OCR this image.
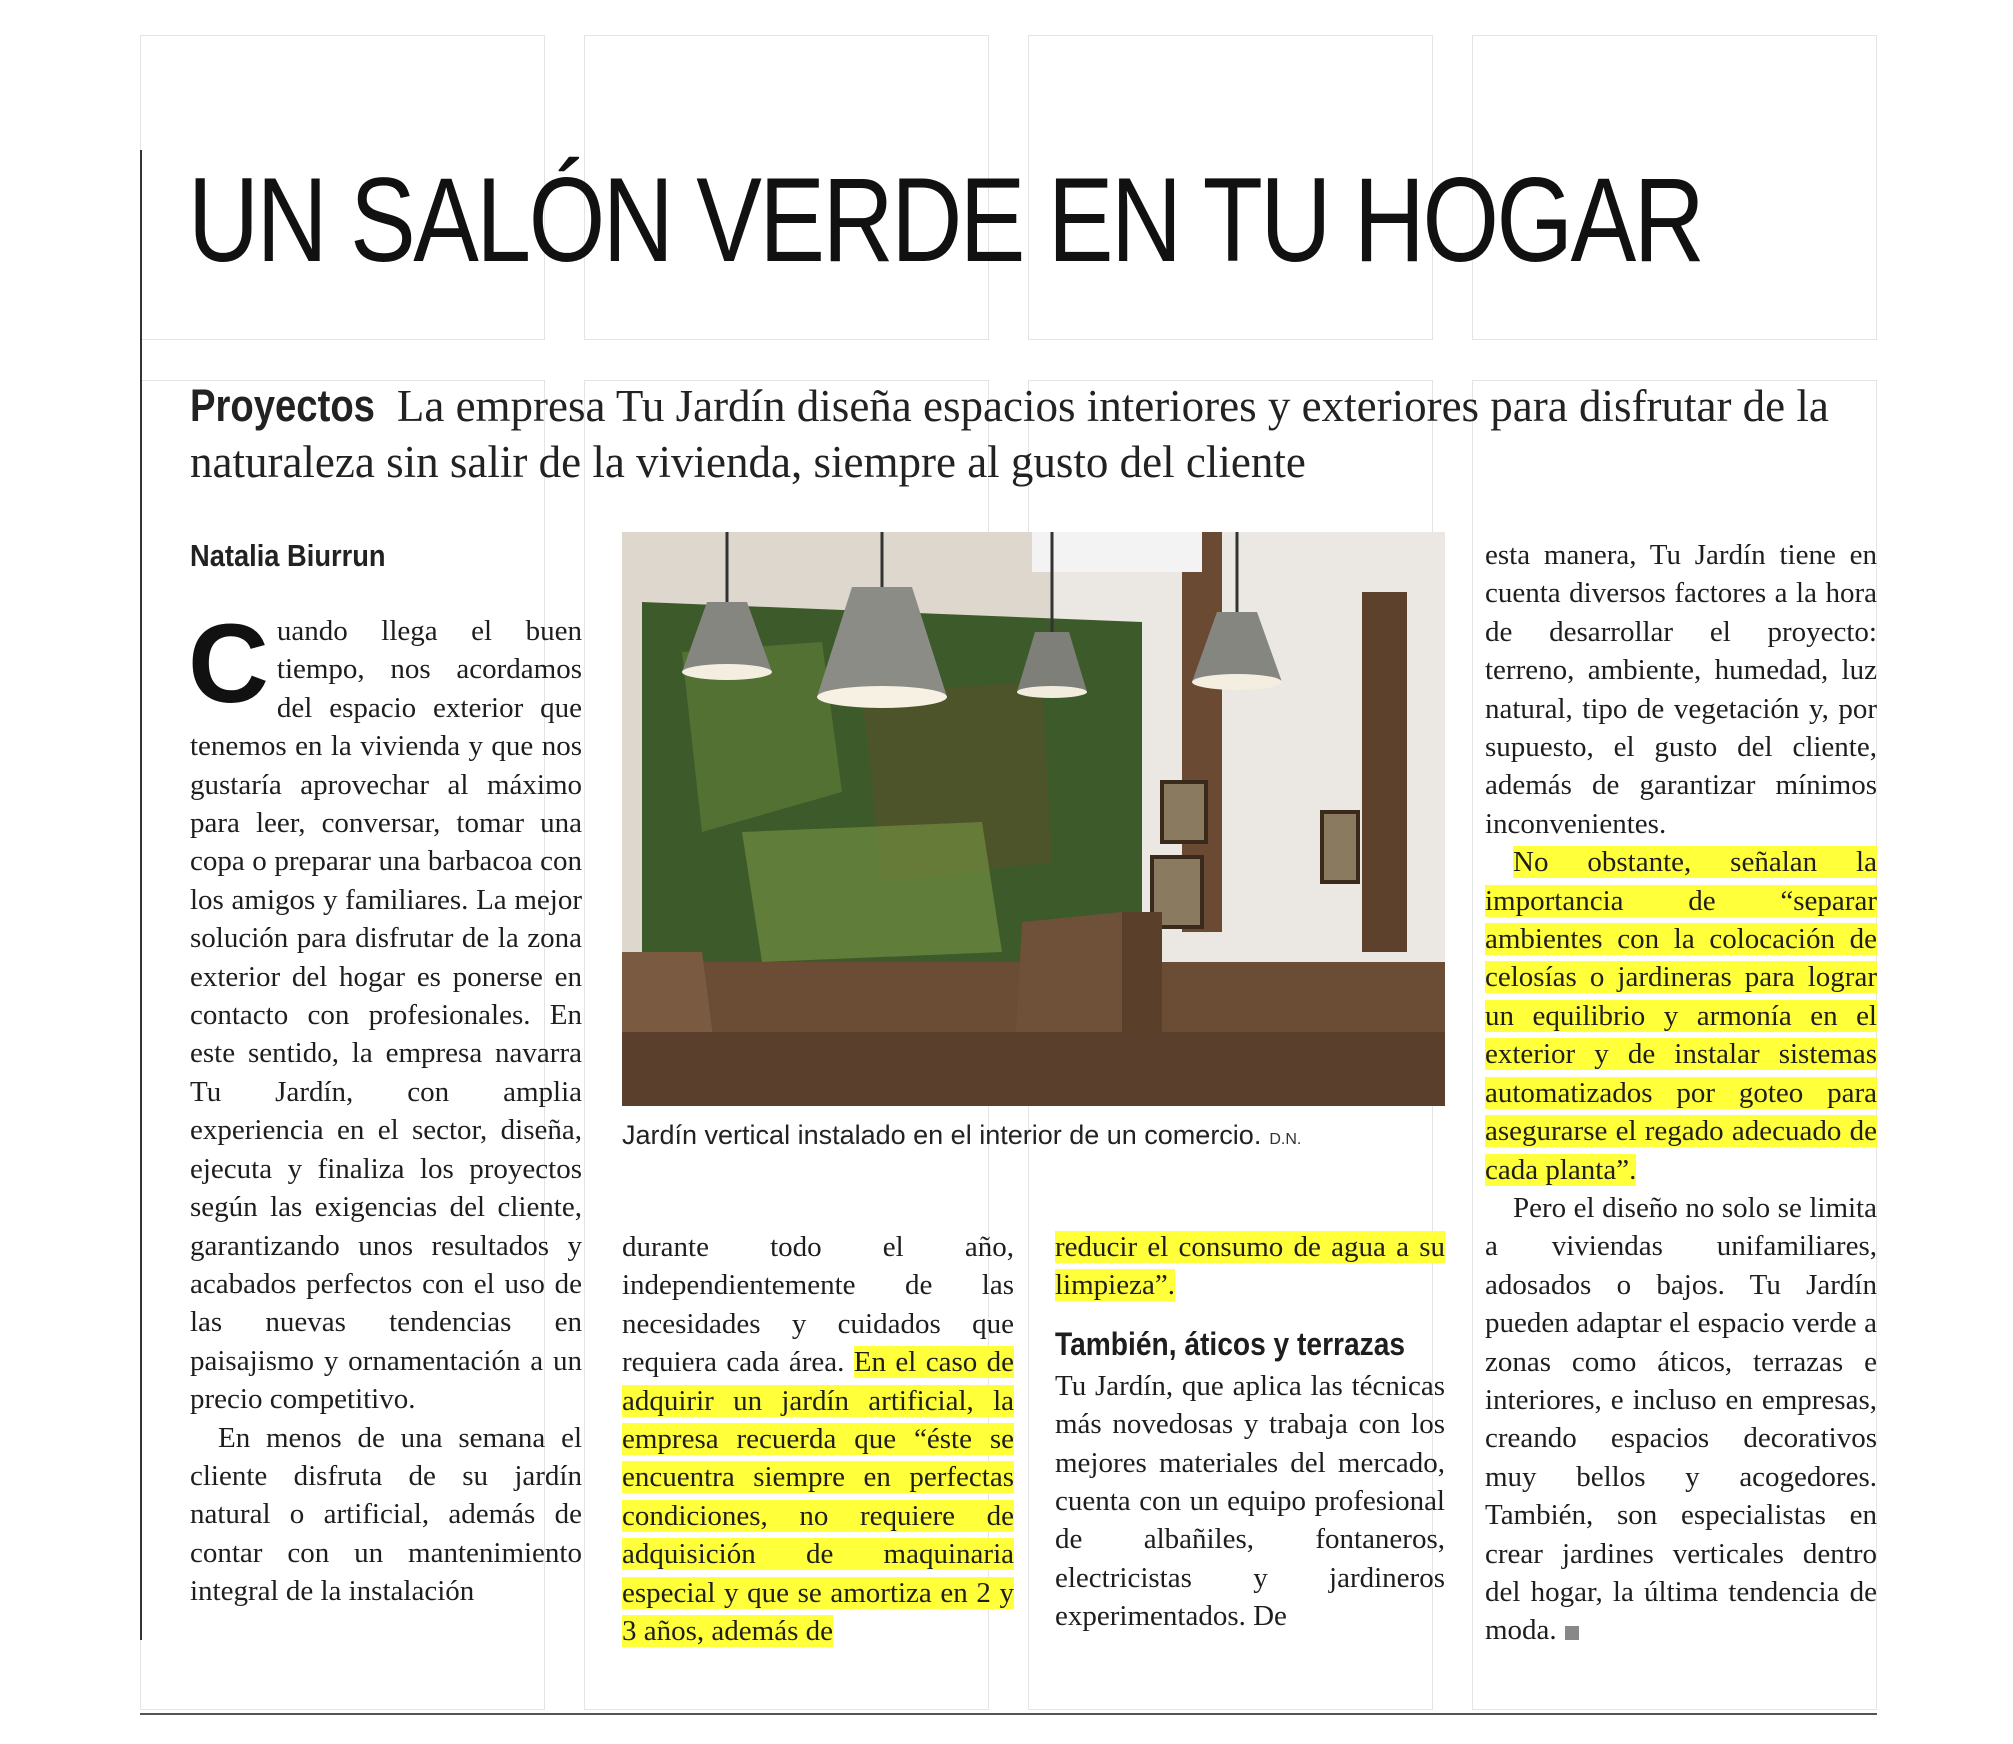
UN SALÓN VERDE EN TU HOGAR
Proyectos La empresa Tu Jardín diseña espacios interiores y exteriores para disfrutar de la naturaleza sin salir de la vivienda, siempre al gusto del cliente
Natalia Biurrun

Cuando llega el buen tiempo, nos acordamos del espacio exterior que tenemos en la vivienda y que nos gustaría aprovechar al máximo para leer, conversar, tomar una copa o preparar una barbacoa con los amigos y familiares. La mejor solución para disfrutar de la zona exterior del hogar es ponerse en contacto con profesionales. En este sentido, la empresa navarra Tu Jardín, con amplia experiencia en el sector, diseña, ejecuta y finaliza los proyectos según las exigencias del cliente, garantizando unos resultados y acabados perfectos con el uso de las nuevas tendencias en paisajismo y ornamentación a un precio competitivo.

En menos de una semana el cliente disfruta de su jardín natural o artificial, además de contar con un mantenimiento integral de la instalación

Jardín vertical instalado en el interior de un comercio. D.N.

durante todo el año, independientemente de las necesidades y cuidados que requiera cada área. En el caso de adquirir un jardín artificial, la empresa recuerda que “éste se encuentra siempre en perfectas condiciones, no requiere de adquisición de maquinaria especial y que se amortiza en 2 y 3 años, además de

reducir el consumo de agua a su limpieza”.

También, áticos y terrazas

Tu Jardín, que aplica las técnicas más novedosas y trabaja con los mejores materiales del mercado, cuenta con un equipo profesional de albañiles, fontaneros, electricistas y jardineros experimentados. De

esta manera, Tu Jardín tiene en cuenta diversos factores a la hora de desarrollar el proyecto: terreno, ambiente, humedad, luz natural, tipo de vegetación y, por supuesto, el gusto del cliente, además de garantizar mínimos inconvenientes.

No obstante, señalan la importancia de “separar ambientes con la colocación de celosías o jardineras para lograr un equilibrio y armonía en el exterior y de instalar sistemas automatizados por goteo para asegurarse el regado adecuado de cada planta”.

Pero el diseño no solo se limita a viviendas unifamiliares, adosados o bajos. Tu Jardín pueden adaptar el espacio verde a zonas como áticos, terrazas e interiores, e incluso en empresas, creando espacios decorativos muy bellos y acogedores. También, son especialistas en crear jardines verticales dentro del hogar, la última tendencia de moda.
